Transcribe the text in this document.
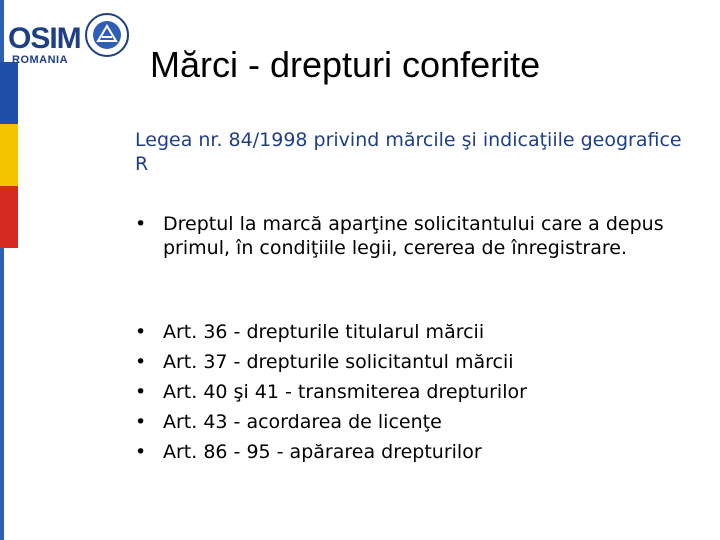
OSIM
ROMANIA Mărci - drepturi conferite
Legea nr. 84/1998 privind mărcile şi indicaţiile geografice R
• Dreptul la marcă aparţine solicitantului care a depus primul, în condiţiile legii, cererea de înregistrare.
• Art. 36 - drepturile titularul mărcii
• Art. 37 - drepturile solicitantul mărcii
• Art. 40 şi 41 - transmiterea drepturilor
• Art. 43 - acordarea de licenţe
• Art. 86 - 95 - apărarea drepturilor
